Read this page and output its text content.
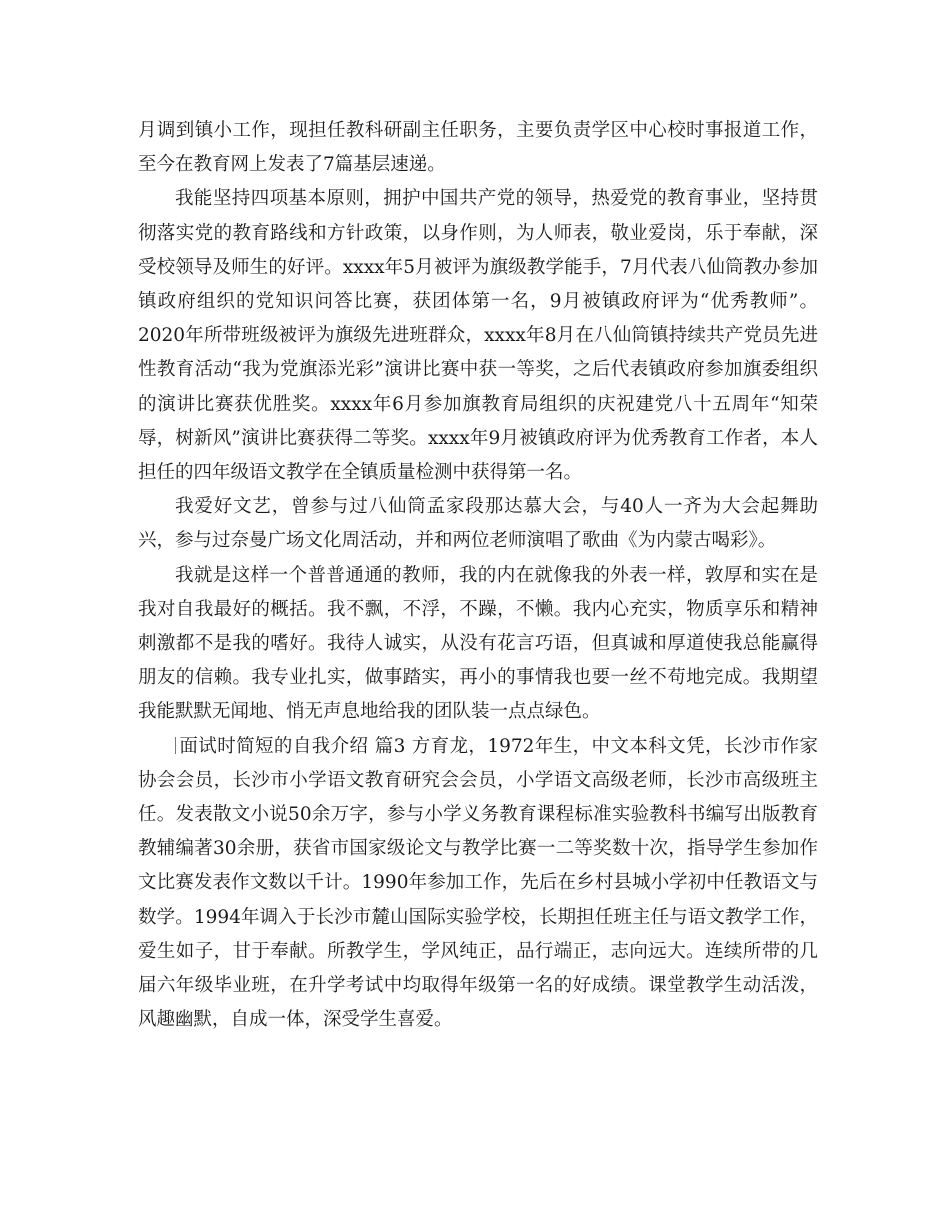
月调到镇小工作，现担任教科研副主任职务，主要负责学区中心校时事报道工作，至今在教育网上发表了7篇基层速递。

我能坚持四项基本原则，拥护中国共产党的领导，热爱党的教育事业，坚持贯彻落实党的教育路线和方针政策，以身作则，为人师表，敬业爱岗，乐于奉献，深受校领导及师生的好评。xxxx年5月被评为旗级教学能手，7月代表八仙筒教办参加镇政府组织的党知识问答比赛，获团体第一名，9月被镇政府评为“优秀教师”。2020年所带班级被评为旗级先进班群众，xxxx年8月在八仙筒镇持续共产党员先进性教育活动“我为党旗添光彩”演讲比赛中获一等奖，之后代表镇政府参加旗委组织的演讲比赛获优胜奖。xxxx年6月参加旗教育局组织的庆祝建党八十五周年“知荣辱，树新风”演讲比赛获得二等奖。xxxx年9月被镇政府评为优秀教育工作者，本人担任的四年级语文教学在全镇质量检测中获得第一名。

我爱好文艺，曾参与过八仙筒孟家段那达慕大会，与40人一齐为大会起舞助兴，参与过奈曼广场文化周活动，并和两位老师演唱了歌曲《为内蒙古喝彩》。

我就是这样一个普普通通的教师，我的内在就像我的外表一样，敦厚和实在是我对自我最好的概括。我不飘，不浮，不躁，不懒。我内心充实，物质享乐和精神刺激都不是我的嗜好。我待人诚实，从没有花言巧语，但真诚和厚道使我总能赢得朋友的信赖。我专业扎实，做事踏实，再小的事情我也要一丝不苟地完成。我期望我能默默无闻地、悄无声息地给我的团队装一点点绿色。

面试时简短的自我介绍 篇3 方育龙，1972年生，中文本科文凭，长沙市作家协会会员，长沙市小学语文教育研究会会员，小学语文高级老师，长沙市高级班主任。发表散文小说50余万字，参与小学义务教育课程标准实验教科书编写出版教育教辅编著30余册，获省市国家级论文与教学比赛一二等奖数十次，指导学生参加作文比赛发表作文数以千计。1990年参加工作，先后在乡村县城小学初中任教语文与数学。1994年调入于长沙市麓山国际实验学校，长期担任班主任与语文教学工作，爱生如子，甘于奉献。所教学生，学风纯正，品行端正，志向远大。连续所带的几届六年级毕业班，在升学考试中均取得年级第一名的好成绩。课堂教学生动活泼，风趣幽默，自成一体，深受学生喜爱。
